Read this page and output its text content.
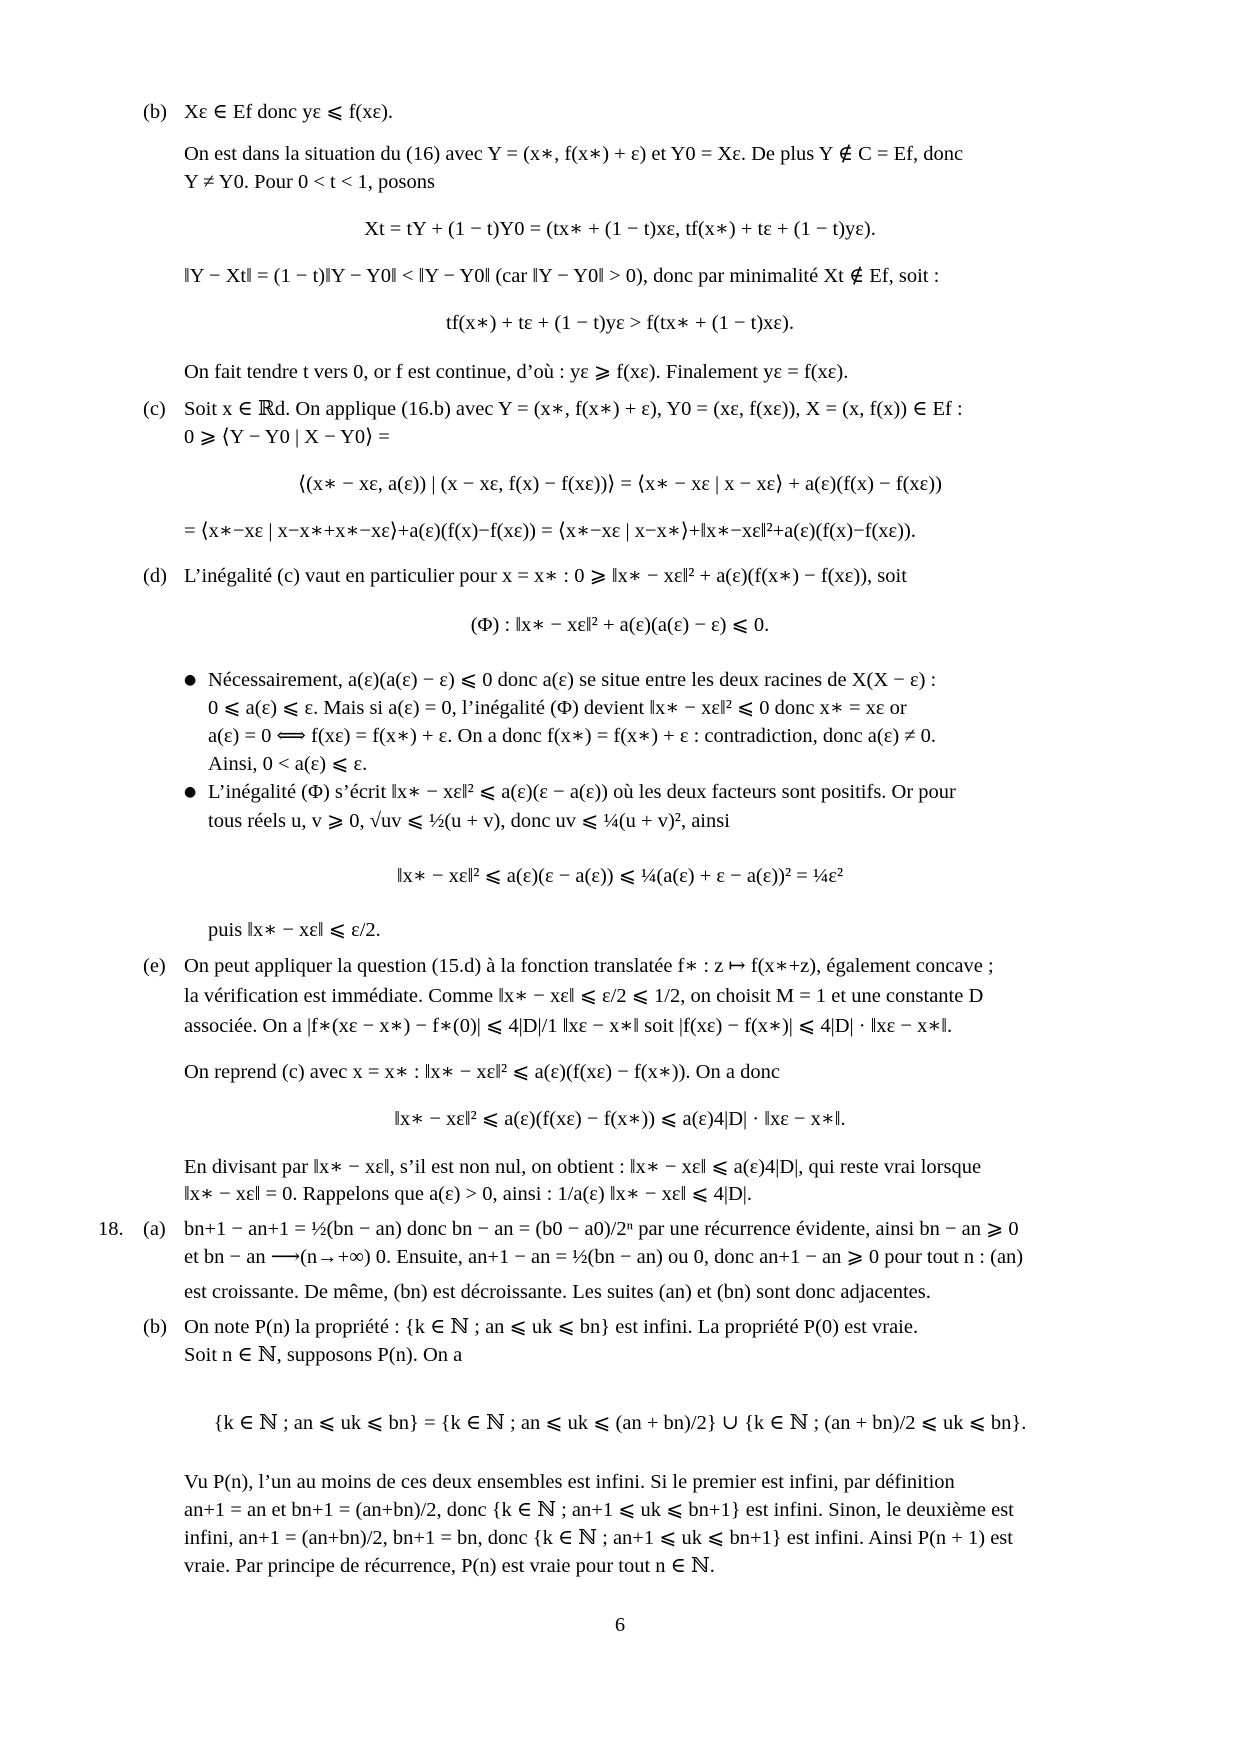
(b) Xε ∈ Ef donc yε ⩽ f(xε).
On est dans la situation du (16) avec Y = (x∗, f(x∗) + ε) et Y0 = Xε. De plus Y ∉ C = Ef, donc
Y ≠ Y0. Pour 0 < t < 1, posons
Xt = tY + (1 − t)Y0 = (tx∗ + (1 − t)xε, tf(x∗) + tε + (1 − t)yε).
‖Y − Xt‖ = (1 − t)‖Y − Y0‖ < ‖Y − Y0‖ (car ‖Y − Y0‖ > 0), donc par minimalité Xt ∉ Ef, soit :
tf(x∗) + tε + (1 − t)yε > f(tx∗ + (1 − t)xε).
On fait tendre t vers 0, or f est continue, d’où : yε ⩾ f(xε). Finalement yε = f(xε).
(c) Soit x ∈ ℝd. On applique (16.b) avec Y = (x∗, f(x∗) + ε), Y0 = (xε, f(xε)), X = (x, f(x)) ∈ Ef :
0 ⩾ ⟨Y − Y0 | X − Y0⟩ =
⟨(x∗ − xε, a(ε)) | (x − xε, f(x) − f(xε))⟩ = ⟨x∗ − xε | x − xε⟩ + a(ε)(f(x) − f(xε))
= ⟨x∗−xε | x−x∗+x∗−xε⟩+a(ε)(f(x)−f(xε)) = ⟨x∗−xε | x−x∗⟩+‖x∗−xε‖²+a(ε)(f(x)−f(xε)).
(d) L’inégalité (c) vaut en particulier pour x = x∗ : 0 ⩾ ‖x∗ − xε‖² + a(ε)(f(x∗) − f(xε)), soit
(Φ) : ‖x∗ − xε‖² + a(ε)(a(ε) − ε) ⩽ 0.
● Nécessairement, a(ε)(a(ε) − ε) ⩽ 0 donc a(ε) se situe entre les deux racines de X(X − ε) :
0 ⩽ a(ε) ⩽ ε. Mais si a(ε) = 0, l’inégalité (Φ) devient ‖x∗ − xε‖² ⩽ 0 donc x∗ = xε or
a(ε) = 0 ⟺ f(xε) = f(x∗) + ε. On a donc f(x∗) = f(x∗) + ε : contradiction, donc a(ε) ≠ 0.
Ainsi, 0 < a(ε) ⩽ ε.
● L’inégalité (Φ) s’écrit ‖x∗ − xε‖² ⩽ a(ε)(ε − a(ε)) où les deux facteurs sont positifs. Or pour
tous réels u, v ⩾ 0, √uv ⩽ ½(u + v), donc uv ⩽ ¼(u + v)², ainsi
‖x∗ − xε‖² ⩽ a(ε)(ε − a(ε)) ⩽ ¼(a(ε) + ε − a(ε))² = ¼ε²
puis ‖x∗ − xε‖ ⩽ ε/2.
(e) On peut appliquer la question (15.d) à la fonction translatée f∗ : z ↦ f(x∗+z), également concave ;
la vérification est immédiate. Comme ‖x∗ − xε‖ ⩽ ε/2 ⩽ 1/2, on choisit M = 1 et une constante D
associée. On a |f∗(xε − x∗) − f∗(0)| ⩽ 4|D|/1 ‖xε − x∗‖ soit |f(xε) − f(x∗)| ⩽ 4|D| · ‖xε − x∗‖.
On reprend (c) avec x = x∗ : ‖x∗ − xε‖² ⩽ a(ε)(f(xε) − f(x∗)). On a donc
‖x∗ − xε‖² ⩽ a(ε)(f(xε) − f(x∗)) ⩽ a(ε)4|D| · ‖xε − x∗‖.
En divisant par ‖x∗ − xε‖, s’il est non nul, on obtient : ‖x∗ − xε‖ ⩽ a(ε)4|D|, qui reste vrai lorsque
‖x∗ − xε‖ = 0. Rappelons que a(ε) > 0, ainsi : 1/a(ε) ‖x∗ − xε‖ ⩽ 4|D|.
18. (a) bn+1 − an+1 = ½(bn − an) donc bn − an = (b0 − a0)/2ⁿ par une récurrence évidente, ainsi bn − an ⩾ 0
et bn − an ⟶(n→+∞) 0. Ensuite, an+1 − an = ½(bn − an) ou 0, donc an+1 − an ⩾ 0 pour tout n : (an)
est croissante. De même, (bn) est décroissante. Les suites (an) et (bn) sont donc adjacentes.
(b) On note P(n) la propriété : {k ∈ ℕ ; an ⩽ uk ⩽ bn} est infini. La propriété P(0) est vraie.
Soit n ∈ ℕ, supposons P(n). On a
{k ∈ ℕ ; an ⩽ uk ⩽ bn} = {k ∈ ℕ ; an ⩽ uk ⩽ (an + bn)/2} ∪ {k ∈ ℕ ; (an + bn)/2 ⩽ uk ⩽ bn}.
Vu P(n), l’un au moins de ces deux ensembles est infini. Si le premier est infini, par définition
an+1 = an et bn+1 = (an+bn)/2, donc {k ∈ ℕ ; an+1 ⩽ uk ⩽ bn+1} est infini. Sinon, le deuxième est
infini, an+1 = (an+bn)/2, bn+1 = bn, donc {k ∈ ℕ ; an+1 ⩽ uk ⩽ bn+1} est infini. Ainsi P(n + 1) est
vraie. Par principe de récurrence, P(n) est vraie pour tout n ∈ ℕ.
6
